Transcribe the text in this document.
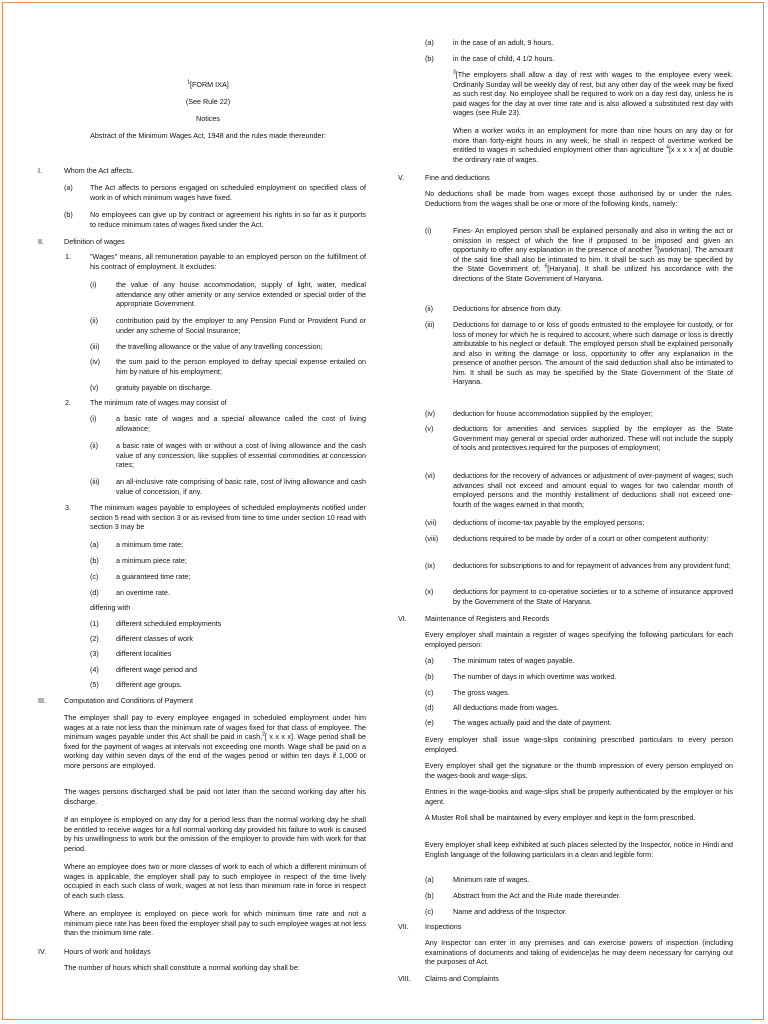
$^1$[FORM IXA]

(See Rule 22)

Notices

Abstract of the Minimum Wages Act, 1948 and the rules made thereunder:

I.	Whom the Act affects.

(a) The Act affects to persons engaged on scheduled employment on specified class of work in of which minimum wages have fixed.

(b) No employees can give up by contract or agreement his rights in so far as it purports to reduce minimum rates of wages fixed under the Act.

II.	Definition of wages

1.	"Wages" means, all remuneration payable to an employed person on the fulfillment of his contract of employment. It excludes:

(i)	the value of any house accommodation, supply of light, water, medical attendance any other amenity or any service extended or special order of the appropriate Government.

(ii)	contribution paid by the employer to any Pension Fund or Provident Fund or under any scheme of Social Insurance;

(iii) the travelling allowance or the value of any travelling concession;

(iv) the sum paid to the person employed to defray special expense entailed on him by nature of his employment;

(v) gratuity payable on discharge.

2.	The minimum rate of wages may consist of

(i)	a basic rate of wages and a special allowance called the cost of living allowance;

(ii)	a basic rate of wages with or without a cost of living allowance and the cash value of any concession, like supplies of essential commodities at concession rates;

(iii) an all-inclusive rate comprising of basic rate, cost of living allowance and cash value of concession, if any.

3.	The minimum wages payable to employees of scheduled employments notified under section 5 read with section 3 or as revised from time to time under section 10 read with section 3 may be

(a) a minimum time rate;

(b) a minimum piece rate;

(c) a guaranteed time rate;

(d) an overtime rate.

differing with

(1) different scheduled employments

(2) different classes of work

(3) different localities

(4) different wage period and

(5) different age groups.

III.	Computation and Conditions of Payment

The employer shall pay to every employee engaged in scheduled employment under him wages at a rate not less than the minimum rate of wages fixed for that class of employee. The minimum wages payable under this Act shall be paid in cash,$^2$[ x x x x]. Wage period shall be fixed for the payment of wages at intervals not exceeding one month. Wage shall be paid on a working day within seven days of the end of the wages period or within ten days if 1,000 or more persons are employed.

The wages persons discharged shall be paid not later than the second working day after his discharge.

If an employee is employed on any day for a period less than the normal working day he shall be entitled to receive wages for a full normal working day provided his failure to work is caused by his unwillingness to work but the omission of the employer to provide him with work for that period.

Where an employee does two or more classes of work to each of which a different minimum of wages is applicable, the employer shall pay to such employee in respect of the time lively occupied in each such class of work, wages at not less than minimum rate in force in respect of each such class.

Where an employee is employed on piece work for which minimum time rate and not a minimum piece rate has been fixed the employer shall pay to such employee wages at not less than the minimum time rate.

IV. Hours of work and holidays

The number of hours which shall constitute a normal working day shall be:

(a)	in the case of an adult, 9 hours.

(b)	in the case of child, 4 1/2 hours.

$^3$[The employers shall allow a day of rest with wages to the employee every week. Ordinarily Sunday will be weekly day of rest, but any other day of the week may be fixed as such rest day. No employee shall be required to work on a day rest day, unless he is paid wages for the day at over time rate and is also allowed a substituted rest day with wages (see Rule 23).

When a worker works in an employment for more than nine hours on any day or for more than forty-eight hours in any week, he shall in respect of overtime worked be entitled to wages in scheduled employment other than agriculture $^4$[x x x x x] at double the ordinary rate of wages.

V.	Fine and deductions

No deductions shall be made from wages except those authorised by or under the rules. Deductions from the wages shall be one or more of the following kinds, namely:

(i)	Fines- An employed person shall be explained personally and also in writing the act or omission in respect of which the fine if proposed to be imposed and given an opportunity to offer any explanation in the presence of another $^5$[workman]. The amount of the said fine shall also be intimated to him. It shall be such as may be specified by the State Government of; $^6$[Haryana]. It shall be utilized his accordance with the directions of the State Government of Haryana.

(ii)	Deductions for absence from duty.

(iii)	Deductions for damage to or loss of goods entrusted to the employee for custody, or for loss of money for which he is required to account, where such damage or loss is directly attributable to his neglect or default. The employed person shall be explained personally and also in writing the damage or loss, opportunity to offer any explanation in the presence of another person. The amount of the said deduction shall also be intimated to him. It shall be such as may be specified by the State Government of the State of Haryana.

(iv)	deduction for house accommodation supplied by the employer;

(v)	deductions for amenities and services supplied by the employer as the State Government may general or special order authorized. These will not include the supply of tools and protectives required for the purposes of employment;

(vi)	deductions for the recovery of advances or adjustment of over-payment of wages; such advances shall not exceed and amount equal to wages for two calendar month of employed persons and the monthly installment of deductions shall not exceed one-fourth of the wages earned in that month;

(vii) deductions of income-tax payable by the employed persons;

(viii) deductions required to be made by order of a court or other competent authority:

(ix)	deductions for subscriptions to and for repayment of advances from any provident fund;

(x)	deductions for payment to co-operative societies or to a scheme of insurance approved by the Government of the State of Haryana.

VI.	Maintenance of Registers and Records

Every employer shall maintain a register of wages specifying the following particulars for each employed person:

(a)	The minimum rates of wages payable.

(b)	The number of days in which overtime was worked.

(c)	The gross wages.

(d)	All deductions made from wages.

(e)	The wages actually paid and the date of payment.

Every employer shall issue wage-slips containing prescribed particulars to every person employed.

Every employer shall get the signature or the thumb impression of every person employed on the wages-book and wage-slips.

Entries in the wage-books and wage-slips shall be properly authenticated by the employer or his agent.

A Muster Roll shall be maintained by every employer and kept in the form prescribed.

Every employer shall keep exhibited at such places selected by the Inspector, notice in Hindi and English language of the following particulars in a clean and legible form:

(a)	Minimum rate of wages.

(b)	Abstract from the Act and the Rule made thereunder.

(c)	Name and address of the Inspector.

VII. Inspections

Any Inspector can enter in any premises and can exercise powers of inspection (including examinations of documents and taking of evidence)as he may deem necessary for carrying out the purposes of Act.

VIII. Claims and Complaints
